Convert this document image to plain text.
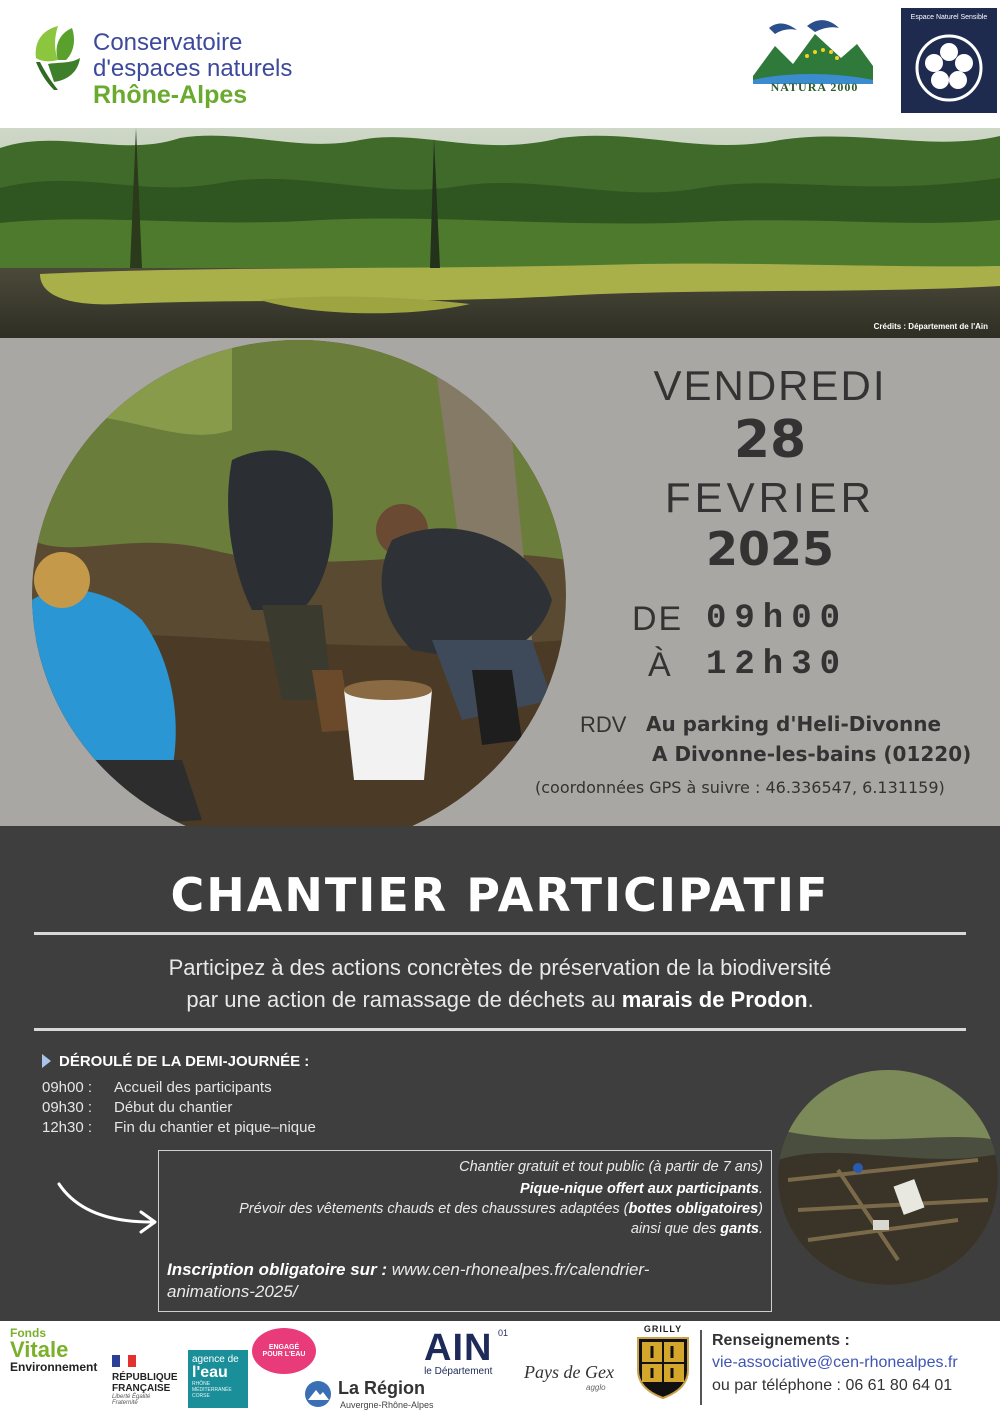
Conservatoire
d'espaces naturels
Rhône-Alpes	NATURA 2000
Espace Naturel Sensible
Crédits : Département de l'Ain
VENDREDI
28
FEVRIER
2025
DE 09h00
À 12h30
RDV Au parking d'Heli-Divonne
A Divonne-les-bains (01220)
(coordonnées GPS à suivre : 46.336547, 6.131159)
CHANTIER PARTICIPATIF
Participez à des actions concrètes de préservation de la biodiversité
par une action de ramassage de déchets au marais de Prodon.
DÉROULÉ DE LA DEMI-JOURNÉE :
09h00 : Accueil des participants
09h30 : Début du chantier
12h30 : Fin du chantier et pique–nique
Chantier gratuit et tout public (à partir de 7 ans)
Pique-nique offert aux participants.
Prévoir des vêtements chauds et des chaussures adaptées (bottes obligatoires)
ainsi que des gants.
Inscription obligatoire sur : www.cen-rhonealpes.fr/calendrier-animations-2025/
Fonds
Vitale
Environnement
RÉPUBLIQUE
FRANÇAISE
Liberté Égalité Fraternité
agence de
l'eau
RHÔNE MÉDITERRANÉE CORSE
ENGAGÉ POUR L'EAU
La Région
Auvergne-Rhône-Alpes
AIN 01
le Département Pays de Gex
agglo
GRILLY
Renseignements :
vie-associative@cen-rhonealpes.fr
ou par téléphone : 06 61 80 64 01
